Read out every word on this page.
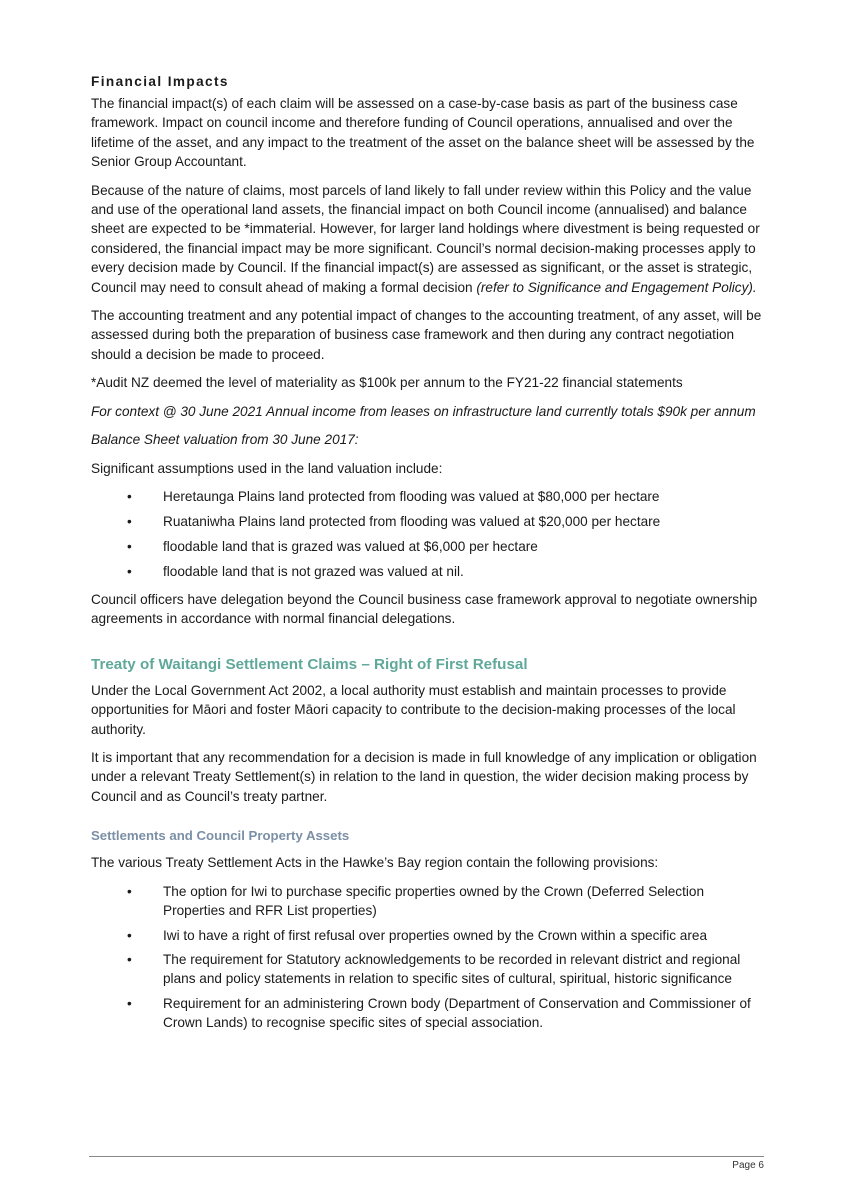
Financial Impacts

The financial impact(s) of each claim will be assessed on a case-by-case basis as part of the business case framework. Impact on council income and therefore funding of Council operations, annualised and over the lifetime of the asset, and any impact to the treatment of the asset on the balance sheet will be assessed by the Senior Group Accountant.

Because of the nature of claims, most parcels of land likely to fall under review within this Policy and the value and use of the operational land assets, the financial impact on both Council income (annualised) and balance sheet are expected to be *immaterial. However, for larger land holdings where divestment is being requested or considered, the financial impact may be more significant. Council’s normal decision-making processes apply to every decision made by Council. If the financial impact(s) are assessed as significant, or the asset is strategic, Council may need to consult ahead of making a formal decision (refer to Significance and Engagement Policy).

The accounting treatment and any potential impact of changes to the accounting treatment, of any asset, will be assessed during both the preparation of business case framework and then during any contract negotiation should a decision be made to proceed.

*Audit NZ deemed the level of materiality as $100k per annum to the FY21-22 financial statements

For context @ 30 June 2021 Annual income from leases on infrastructure land currently totals $90k per annum

Balance Sheet valuation from 30 June 2017:

Significant assumptions used in the land valuation include:

• Heretaunga Plains land protected from flooding was valued at $80,000 per hectare
• Ruataniwha Plains land protected from flooding was valued at $20,000 per hectare
• floodable land that is grazed was valued at $6,000 per hectare
• floodable land that is not grazed was valued at nil.

Council officers have delegation beyond the Council business case framework approval to negotiate ownership agreements in accordance with normal financial delegations.

Treaty of Waitangi Settlement Claims – Right of First Refusal

Under the Local Government Act 2002, a local authority must establish and maintain processes to provide opportunities for Māori and foster Māori capacity to contribute to the decision-making processes of the local authority.

It is important that any recommendation for a decision is made in full knowledge of any implication or obligation under a relevant Treaty Settlement(s) in relation to the land in question, the wider decision making process by Council and as Council’s treaty partner.

Settlements and Council Property Assets

The various Treaty Settlement Acts in the Hawke’s Bay region contain the following provisions:

• The option for Iwi to purchase specific properties owned by the Crown (Deferred Selection Properties and RFR List properties)
• Iwi to have a right of first refusal over properties owned by the Crown within a specific area
• The requirement for Statutory acknowledgements to be recorded in relevant district and regional plans and policy statements in relation to specific sites of cultural, spiritual, historic significance
• Requirement for an administering Crown body (Department of Conservation and Commissioner of Crown Lands) to recognise specific sites of special association.
Page 6
